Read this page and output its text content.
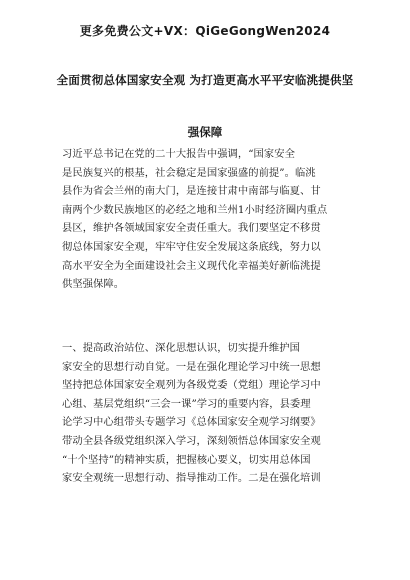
更多免费公文+VX：QiGeGongWen2024
全面贯彻总体国家安全观 为打造更高水平平安临洮提供坚
强保障
习近平总书记在党的二十大报告中强调，“国家安全
是民族复兴的根基，社会稳定是国家强盛的前提”。临洮
县作为省会兰州的南大门，是连接甘肃中南部与临夏、甘
南两个少数民族地区的必经之地和兰州1小时经济圈内重点
县区，维护各领域国家安全责任重大。我们要坚定不移贯
彻总体国家安全观，牢牢守住安全发展这条底线，努力以
高水平安全为全面建设社会主义现代化幸福美好新临洮提
供坚强保障。
一、提高政治站位、深化思想认识，切实提升维护国
家安全的思想行动自觉。一是在强化理论学习中统一思想
坚持把总体国家安全观列为各级党委（党组）理论学习中
心组、基层党组织“三会一课”学习的重要内容，县委理
论学习中心组带头专题学习《总体国家安全观学习纲要》
带动全县各级党组织深入学习，深刻领悟总体国家安全观
“十个坚持”的精神实质，把握核心要义，切实用总体国
家安全观统一思想行动、指导推动工作。二是在强化培训
